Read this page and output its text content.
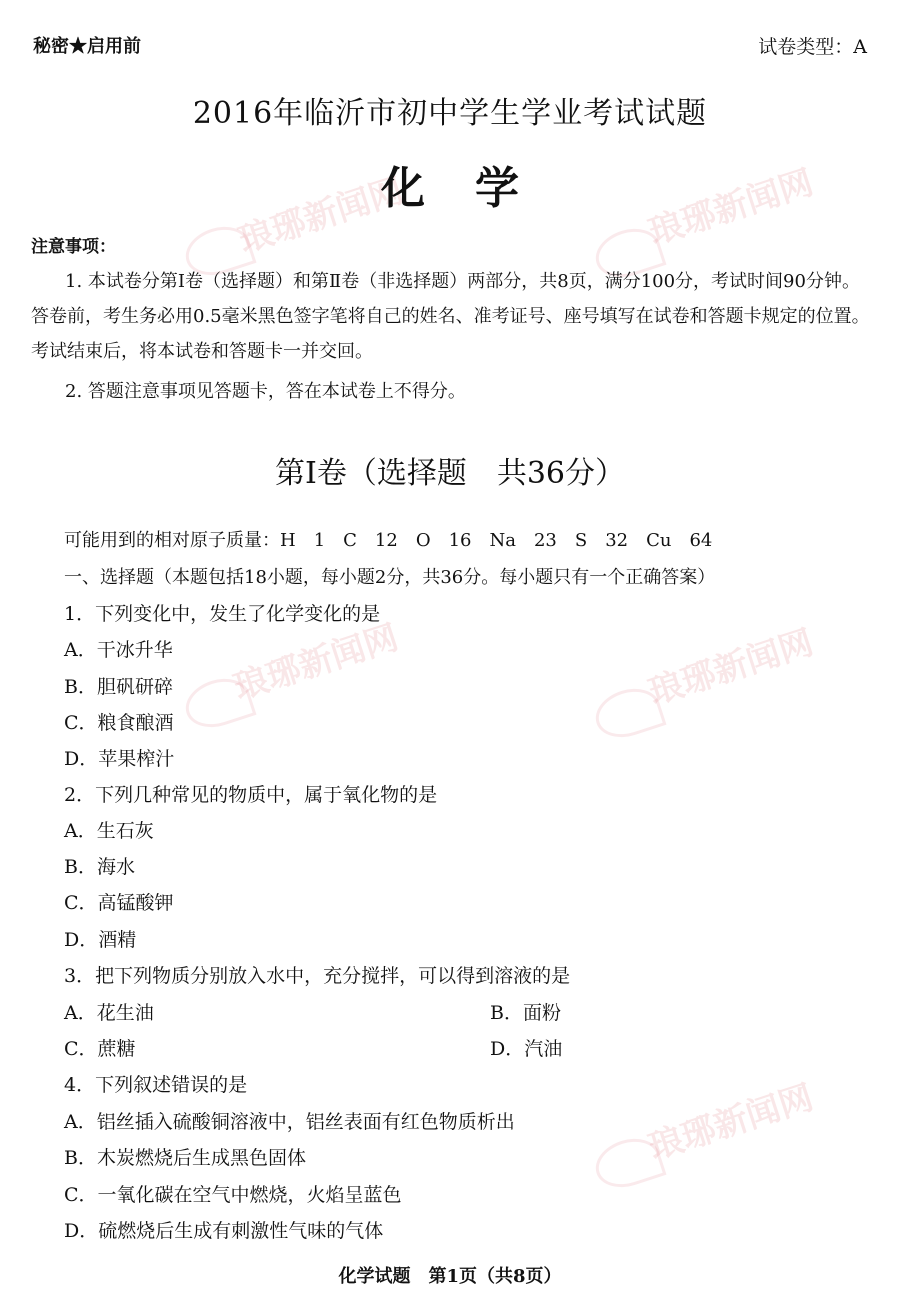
琅琊新闻网	琅琊新闻网
琅琊新闻网	琅琊新闻网
琅琊新闻网
秘密★启用前	试卷类型：A
2016年临沂市初中学生学业考试试题
化学
注意事项：
1. 本试卷分第Ⅰ卷（选择题）和第Ⅱ卷（非选择题）两部分，共8页，满分100分，考试时间90分钟。答卷前，考生务必用0.5毫米黑色签字笔将自己的姓名、准考证号、座号填写在试卷和答题卡规定的位置。考试结束后，将本试卷和答题卡一并交回。
2. 答题注意事项见答题卡，答在本试卷上不得分。
第Ⅰ卷（选择题　共36分）
可能用到的相对原子质量：H　1　C　12　O　16　Na　23　S　32　Cu　64
一、选择题（本题包括18小题，每小题2分，共36分。每小题只有一个正确答案）
1．下列变化中，发生了化学变化的是
A．干冰升华
B．胆矾研碎
C．粮食酿酒
D．苹果榨汁
2．下列几种常见的物质中，属于氧化物的是
A．生石灰
B．海水
C．高锰酸钾
D．酒精
3．把下列物质分别放入水中，充分搅拌，可以得到溶液的是
A．花生油	B．面粉
C．蔗糖	D．汽油
4．下列叙述错误的是
A．铝丝插入硫酸铜溶液中，铝丝表面有红色物质析出
B．木炭燃烧后生成黑色固体
C．一氧化碳在空气中燃烧，火焰呈蓝色
D．硫燃烧后生成有刺激性气味的气体
化学试题　第1页（共8页）
